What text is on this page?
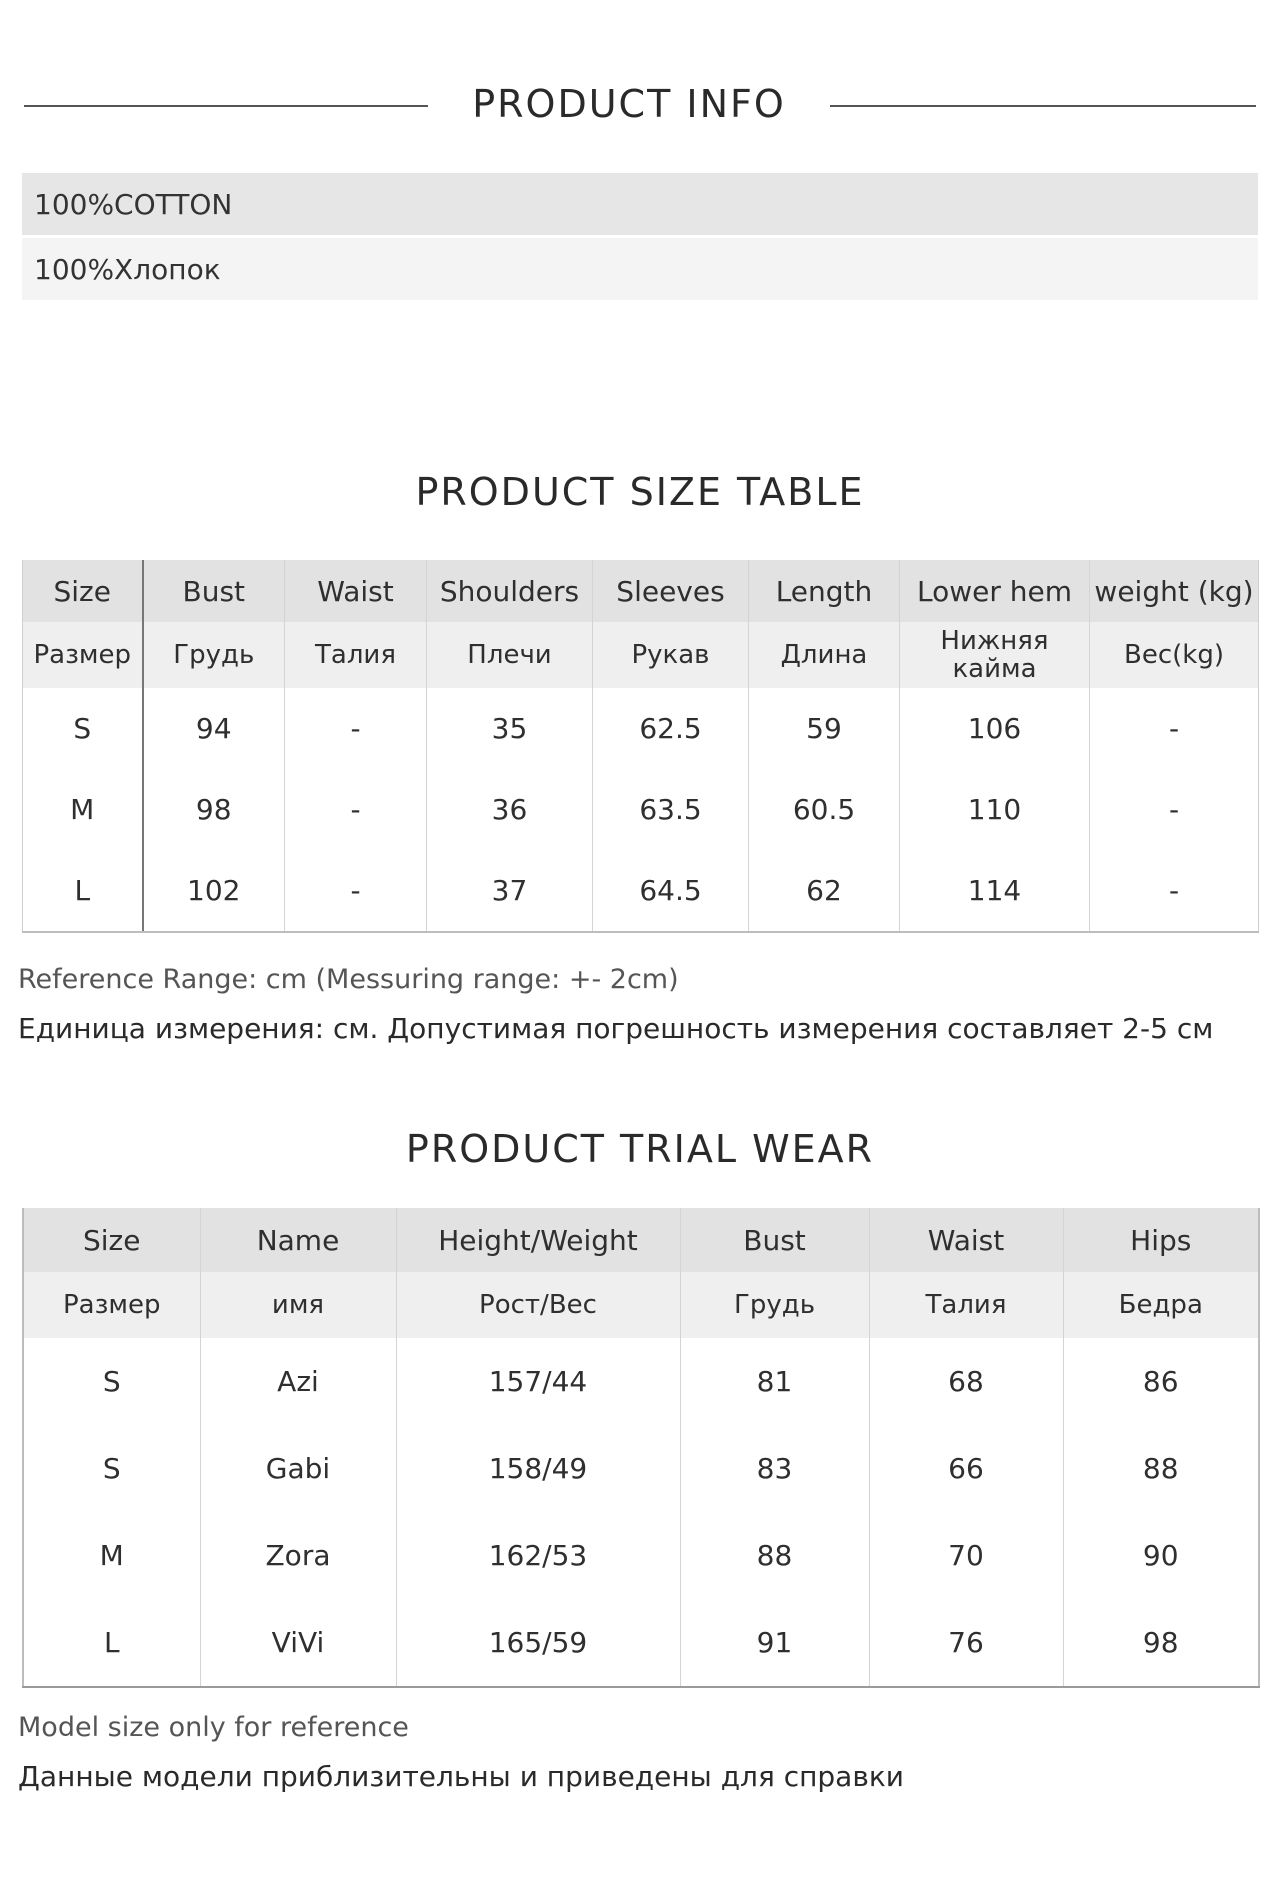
PRODUCT INFO
100%COTTON
100%Хлопок
PRODUCT SIZE TABLE
Size	Bust	Waist	Shoulders	Sleeves	Length	Lower hem	weight (kg)
Размер	Грудь	Талия	Плечи	Рукав	Длина	Нижняя кайма	Вес(kg)
S	94	-	35	62.5	59	106	-
M	98	-	36	63.5	60.5	110	-
L	102	-	37	64.5	62	114	-
Reference Range: cm (Messuring range: +- 2cm)
Единица измерения: см. Допустимая погрешность измерения составляет 2-5 см
PRODUCT TRIAL WEAR
Size	Name	Height/Weight	Bust	Waist	Hips
Размер	имя	Рост/Вес	Грудь	Талия	Бедра
S	Azi	157/44	81	68	86
S	Gabi	158/49	83	66	88
M	Zora	162/53	88	70	90
L	ViVi	165/59	91	76	98
Model size only for reference
Данные модели приблизительны и приведены для справки
